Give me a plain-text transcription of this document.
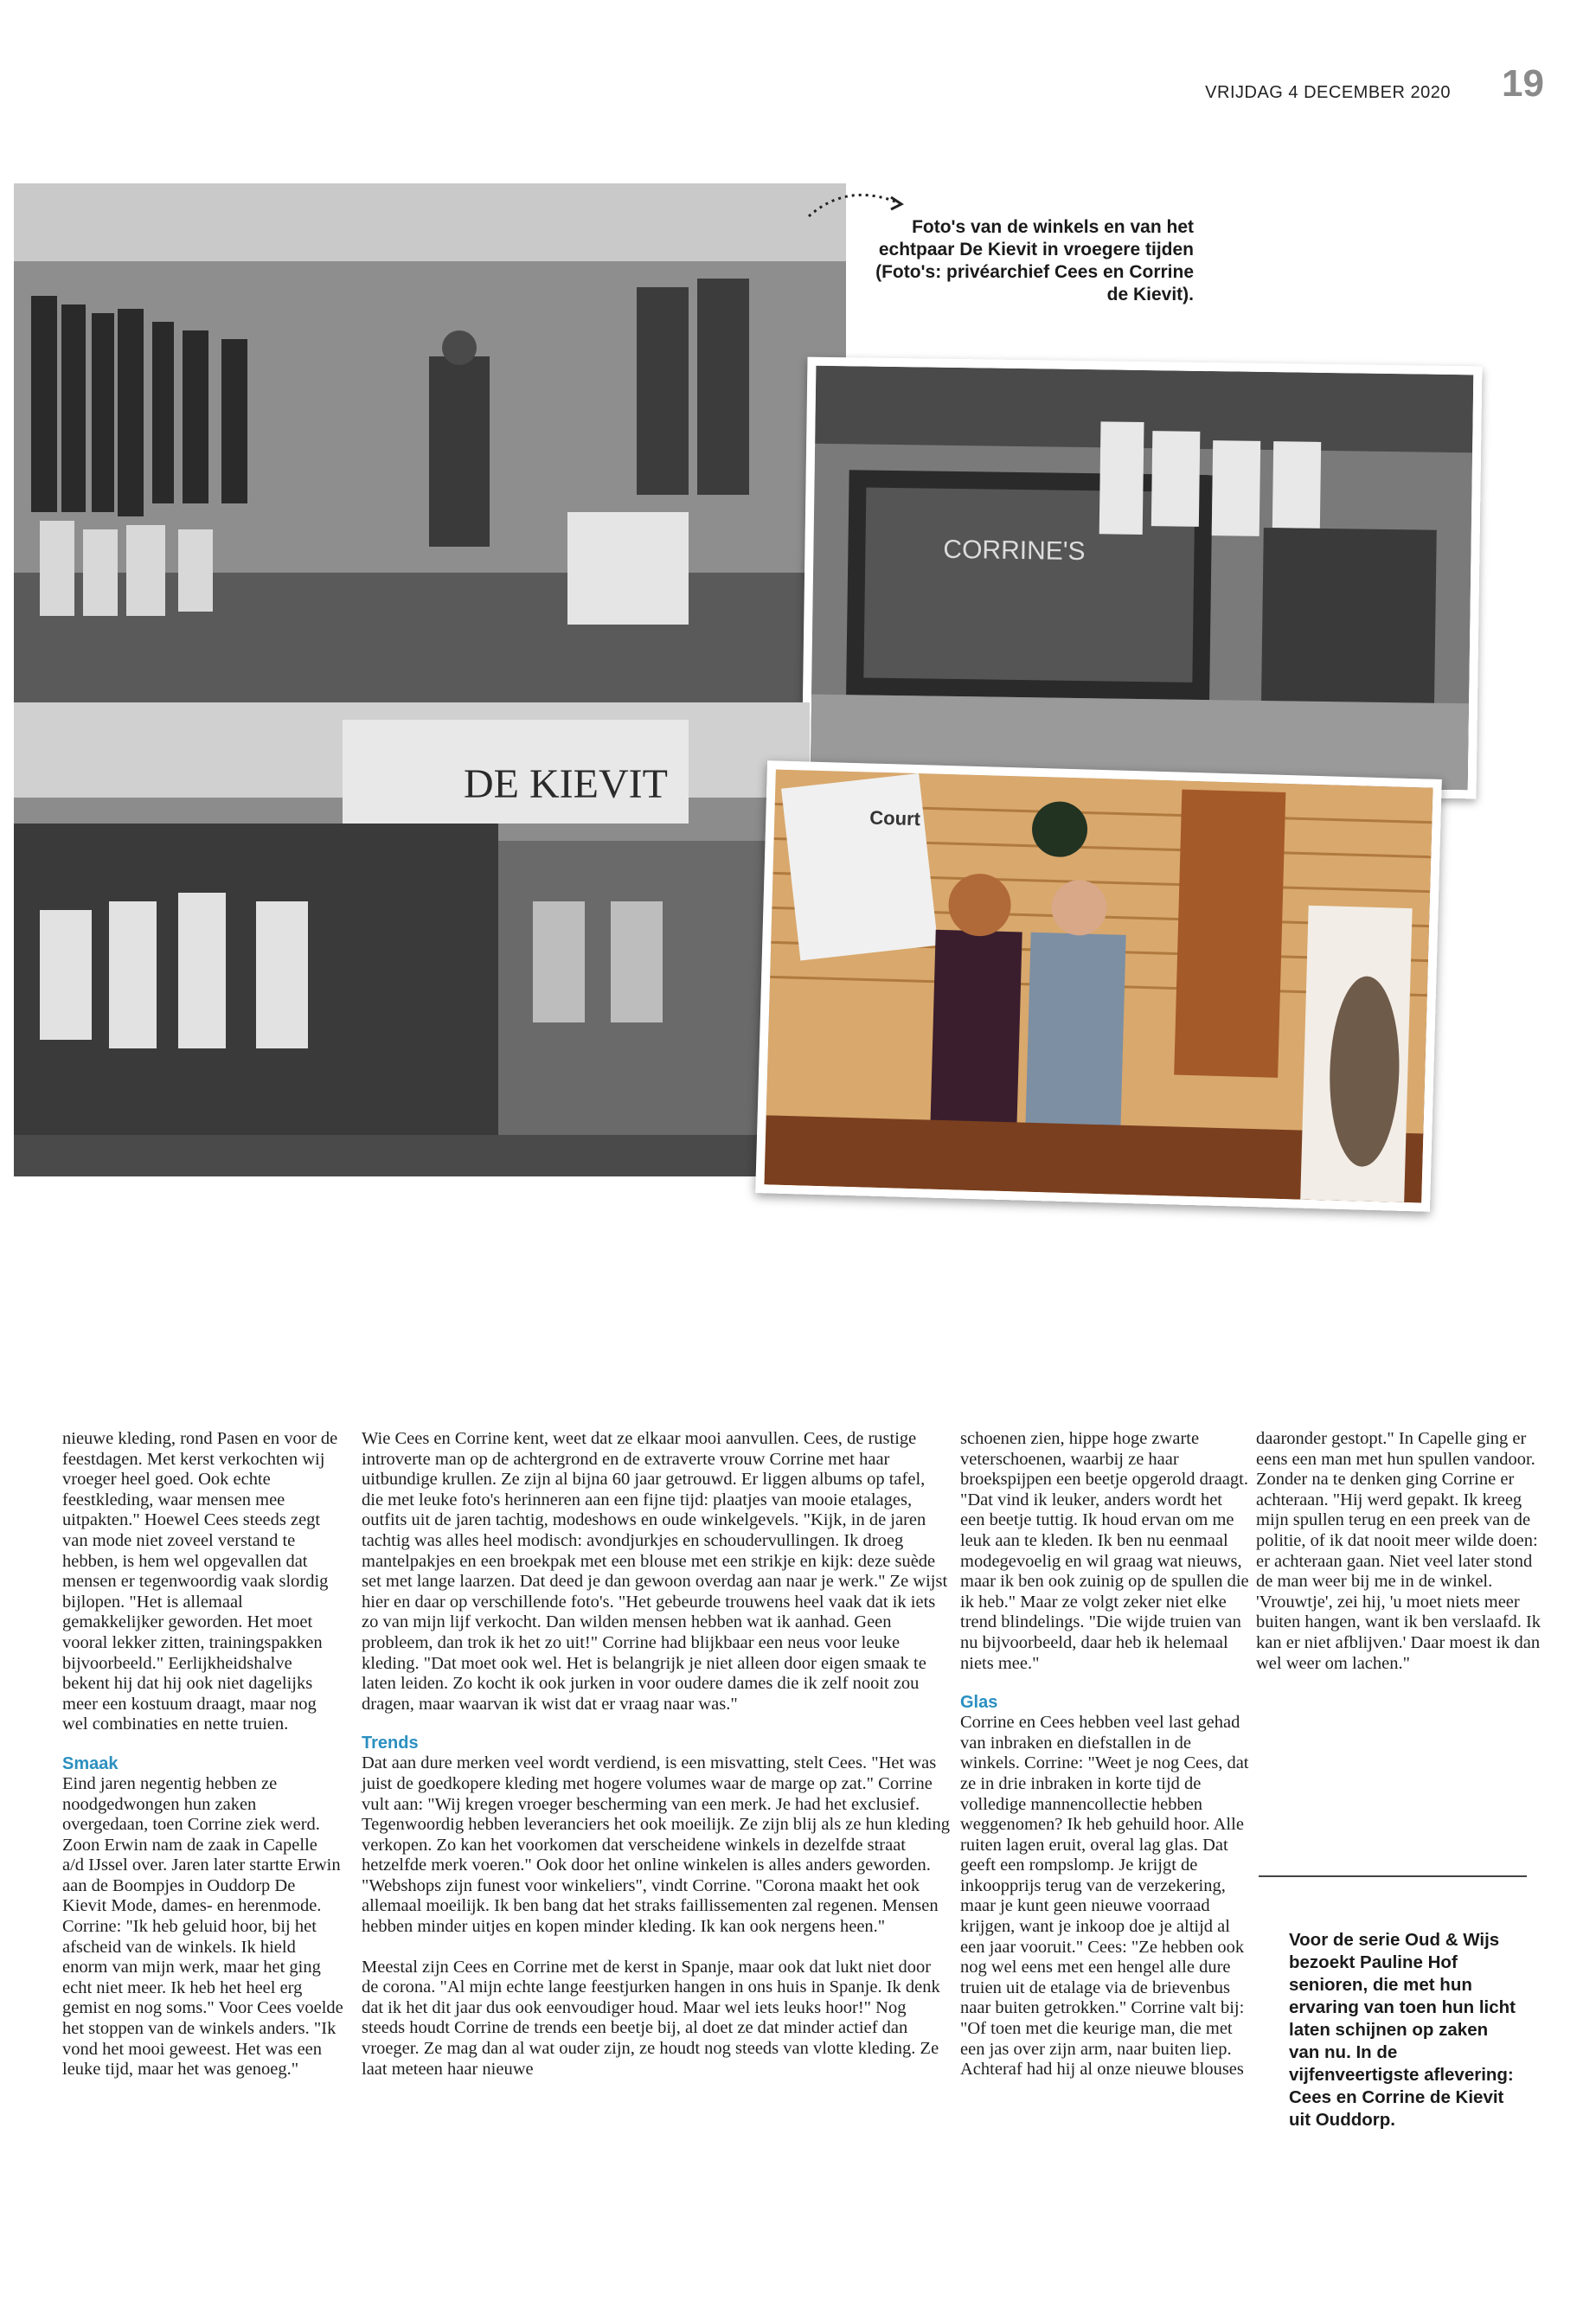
VRIJDAG 4 DECEMBER 2020 19
Foto's van de winkels en van het echtpaar De Kievit in vroegere tijden (Foto's: privéarchief Cees en Corrine de Kievit).
CORRINE'S
DE KIEVIT
Court

nieuwe kleding, rond Pasen en voor de feestdagen. Met kerst verkochten wij vroeger heel goed. Ook echte feestkleding, waar mensen mee uitpakten." Hoewel Cees steeds zegt van mode niet zoveel verstand te hebben, is hem wel opgevallen dat mensen er tegenwoordig vaak slordig bijlopen. "Het is allemaal gemakkelijker geworden. Het moet vooral lekker zitten, trainingspakken bijvoorbeeld." Eerlijkheidshalve bekent hij dat hij ook niet dagelijks meer een kostuum draagt, maar nog wel combinaties en nette truien.

Smaak

Eind jaren negentig hebben ze noodgedwongen hun zaken overgedaan, toen Corrine ziek werd. Zoon Erwin nam de zaak in Capelle a/d IJssel over. Jaren later startte Erwin aan de Boompjes in Ouddorp De Kievit Mode, dames- en herenmode. Corrine: "Ik heb geluid hoor, bij het afscheid van de winkels. Ik hield enorm van mijn werk, maar het ging echt niet meer. Ik heb het heel erg gemist en nog soms." Voor Cees voelde het stoppen van de winkels anders. "Ik vond het mooi geweest. Het was een leuke tijd, maar het was genoeg."

Wie Cees en Corrine kent, weet dat ze elkaar mooi aanvullen. Cees, de rustige introverte man op de achtergrond en de extraverte vrouw Corrine met haar uitbundige krullen. Ze zijn al bijna 60 jaar getrouwd. Er liggen albums op tafel, die met leuke foto's herinneren aan een fijne tijd: plaatjes van mooie etalages, outfits uit de jaren tachtig, modeshows en oude winkelgevels. "Kijk, in de jaren tachtig was alles heel modisch: avondjurkjes en schoudervullingen. Ik droeg mantelpakjes en een broekpak met een blouse met een strikje en kijk: deze suède set met lange laarzen. Dat deed je dan gewoon overdag aan naar je werk." Ze wijst hier en daar op verschillende foto's. "Het gebeurde trouwens heel vaak dat ik iets zo van mijn lijf verkocht. Dan wilden mensen hebben wat ik aanhad. Geen probleem, dan trok ik het zo uit!" Corrine had blijkbaar een neus voor leuke kleding. "Dat moet ook wel. Het is belangrijk je niet alleen door eigen smaak te laten leiden. Zo kocht ik ook jurken in voor oudere dames die ik zelf nooit zou dragen, maar waarvan ik wist dat er vraag naar was."

Trends

Dat aan dure merken veel wordt verdiend, is een misvatting, stelt Cees. "Het was juist de goedkopere kleding met hogere volumes waar de marge op zat." Corrine vult aan: "Wij kregen vroeger bescherming van een merk. Je had het exclusief. Tegenwoordig hebben leveranciers het ook moeilijk. Ze zijn blij als ze hun kleding verkopen. Zo kan het voorkomen dat verscheidene winkels in dezelfde straat hetzelfde merk voeren." Ook door het online winkelen is alles anders geworden. "Webshops zijn funest voor winkeliers", vindt Corrine. "Corona maakt het ook allemaal moeilijk. Ik ben bang dat het straks faillissementen zal regenen. Mensen hebben minder uitjes en kopen minder kleding. Ik kan ook nergens heen."

Meestal zijn Cees en Corrine met de kerst in Spanje, maar ook dat lukt niet door de corona. "Al mijn echte lange feestjurken hangen in ons huis in Spanje. Ik denk dat ik het dit jaar dus ook eenvoudiger houd. Maar wel iets leuks hoor!" Nog steeds houdt Corrine de trends een beetje bij, al doet ze dat minder actief dan vroeger. Ze mag dan al wat ouder zijn, ze houdt nog steeds van vlotte kleding. Ze laat meteen haar nieuwe

schoenen zien, hippe hoge zwarte veterschoenen, waarbij ze haar broekspijpen een beetje opgerold draagt. "Dat vind ik leuker, anders wordt het een beetje tuttig. Ik houd ervan om me leuk aan te kleden. Ik ben nu eenmaal modegevoelig en wil graag wat nieuws, maar ik ben ook zuinig op de spullen die ik heb." Maar ze volgt zeker niet elke trend blindelings. "Die wijde truien van nu bijvoorbeeld, daar heb ik helemaal niets mee."

Glas

Corrine en Cees hebben veel last gehad van inbraken en diefstallen in de winkels. Corrine: "Weet je nog Cees, dat ze in drie inbraken in korte tijd de volledige mannencollectie hebben weggenomen? Ik heb gehuild hoor. Alle ruiten lagen eruit, overal lag glas. Dat geeft een rompslomp. Je krijgt de inkoopprijs terug van de verzekering, maar je kunt geen nieuwe voorraad krijgen, want je inkoop doe je altijd al een jaar vooruit." Cees: "Ze hebben ook nog wel eens met een hengel alle dure truien uit de etalage via de brievenbus naar buiten getrokken." Corrine valt bij: "Of toen met die keurige man, die met een jas over zijn arm, naar buiten liep. Achteraf had hij al onze nieuwe blouses

daaronder gestopt." In Capelle ging er eens een man met hun spullen vandoor. Zonder na te denken ging Corrine er achteraan. "Hij werd gepakt. Ik kreeg mijn spullen terug en een preek van de politie, of ik dat nooit meer wilde doen: er achteraan gaan. Niet veel later stond de man weer bij me in de winkel. 'Vrouwtje', zei hij, 'u moet niets meer buiten hangen, want ik ben verslaafd. Ik kan er niet afblijven.' Daar moest ik dan wel weer om lachen."

Voor de serie Oud & Wijs bezoekt Pauline Hof senioren, die met hun ervaring van toen hun licht laten schijnen op zaken van nu. In de vijfenveertigste aflevering: Cees en Corrine de Kievit uit Ouddorp.
